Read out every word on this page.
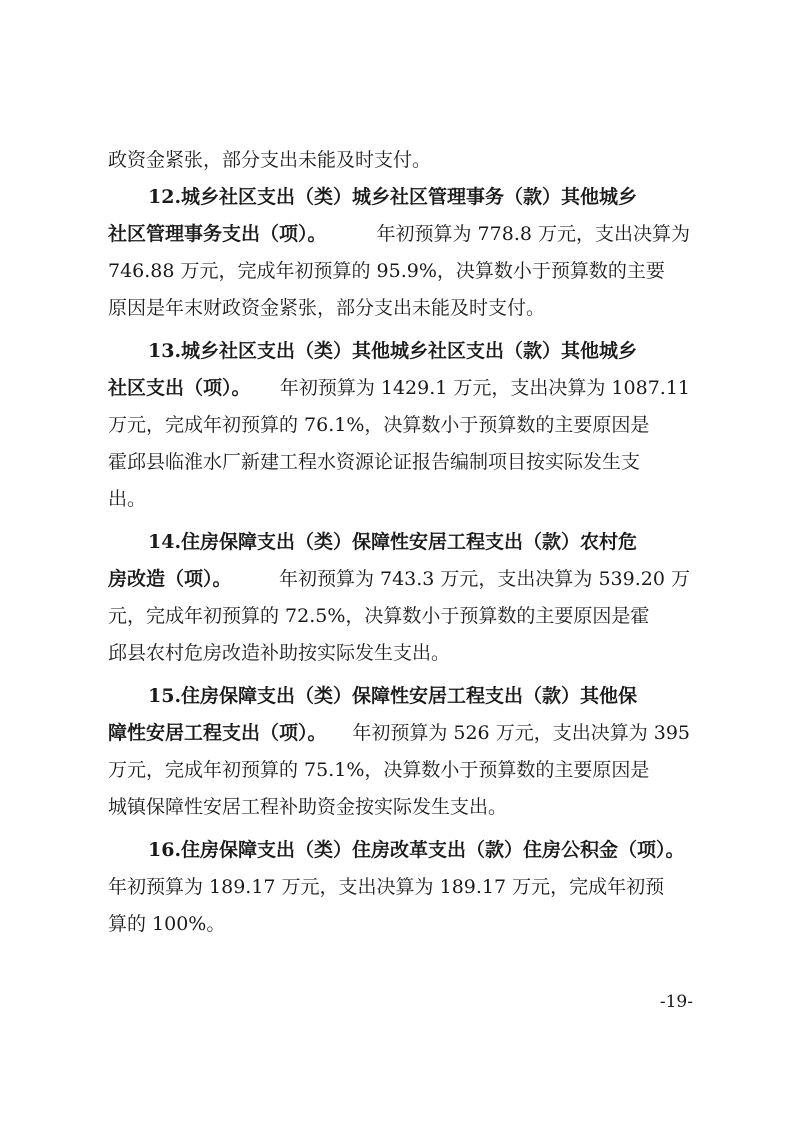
政资金紧张，部分支出未能及时支付。
12.城乡社区支出（类）城乡社区管理事务（款）其他城乡
社区管理事务支出（项）。	年初预算为 778.8 万元，支出决算为
746.88 万元，完成年初预算的 95.9%，决算数小于预算数的主要
原因是年末财政资金紧张，部分支出未能及时支付。
13.城乡社区支出（类）其他城乡社区支出（款）其他城乡
社区支出（项）。 年初预算为 1429.1 万元，支出决算为 1087.11
万元，完成年初预算的 76.1%，决算数小于预算数的主要原因是
霍邱县临淮水厂新建工程水资源论证报告编制项目按实际发生支
出。
14.住房保障支出（类）保障性安居工程支出（款）农村危
房改造（项）。 年初预算为 743.3 万元，支出决算为 539.20 万
元，完成年初预算的 72.5%，决算数小于预算数的主要原因是霍
邱县农村危房改造补助按实际发生支出。
15.住房保障支出（类）保障性安居工程支出（款）其他保
障性安居工程支出（项）。 年初预算为 526 万元，支出决算为 395
万元，完成年初预算的 75.1%，决算数小于预算数的主要原因是
城镇保障性安居工程补助资金按实际发生支出。
16.住房保障支出（类）住房改革支出（款）住房公积金（项）。
年初预算为 189.17 万元，支出决算为 189.17 万元，完成年初预
算的 100%。
-19-
